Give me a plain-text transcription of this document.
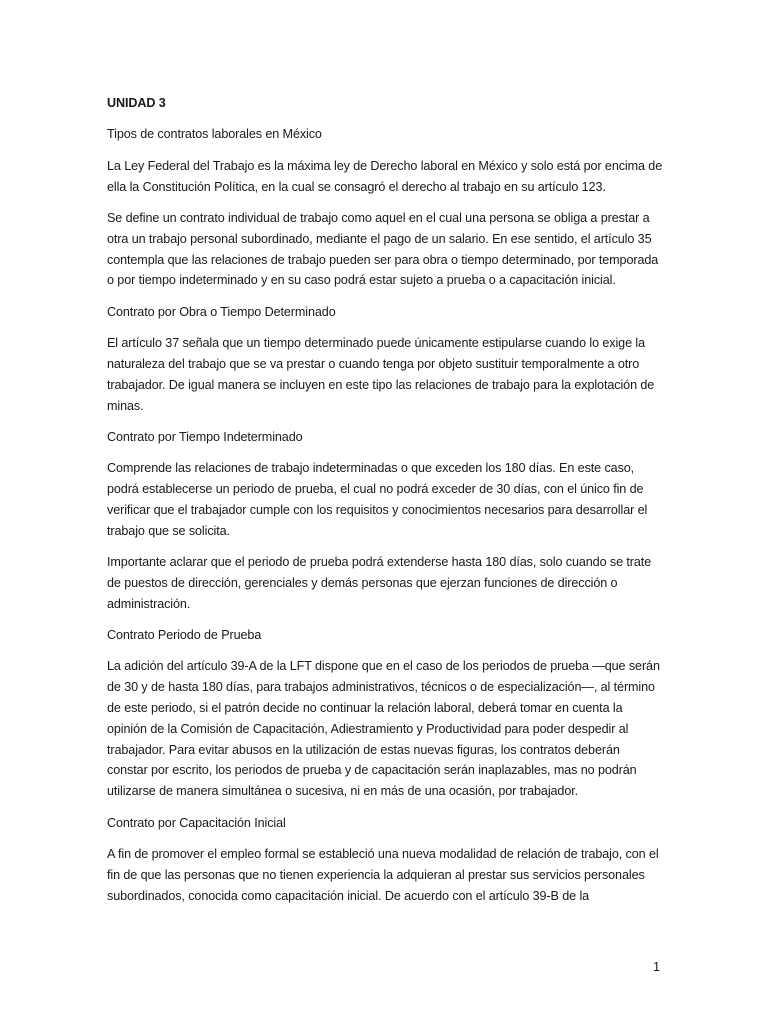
UNIDAD 3

Tipos de contratos laborales en México

La Ley Federal del Trabajo es la máxima ley de Derecho laboral en México y solo está por encima de ella la Constitución Política, en la cual se consagró el derecho al trabajo en su artículo 123.

Se define un contrato individual de trabajo como aquel en el cual una persona se obliga a prestar a otra un trabajo personal subordinado, mediante el pago de un salario. En ese sentido, el artículo 35 contempla que las relaciones de trabajo pueden ser para obra o tiempo determinado, por temporada o por tiempo indeterminado y en su caso podrá estar sujeto a prueba o a capacitación inicial.

Contrato por Obra o Tiempo Determinado

El artículo 37 señala que un tiempo determinado puede únicamente estipularse cuando lo exige la naturaleza del trabajo que se va prestar o cuando tenga por objeto sustituir temporalmente a otro trabajador. De igual manera se incluyen en este tipo las relaciones de trabajo para la explotación de minas.

Contrato por Tiempo Indeterminado

Comprende las relaciones de trabajo indeterminadas o que exceden los 180 días. En este caso, podrá establecerse un periodo de prueba, el cual no podrá exceder de 30 días, con el único fin de verificar que el trabajador cumple con los requisitos y conocimientos necesarios para desarrollar el trabajo que se solicita.

Importante aclarar que el periodo de prueba podrá extenderse hasta 180 días, solo cuando se trate de puestos de dirección, gerenciales y demás personas que ejerzan funciones de dirección o administración.

Contrato Periodo de Prueba

La adición del artículo 39-A de la LFT dispone que en el caso de los periodos de prueba —que serán de 30 y de hasta 180 días, para trabajos administrativos, técnicos o de especialización—, al término de este periodo, si el patrón decide no continuar la relación laboral, deberá tomar en cuenta la opinión de la Comisión de Capacitación, Adiestramiento y Productividad para poder despedir al trabajador. Para evitar abusos en la utilización de estas nuevas figuras, los contratos deberán constar por escrito, los periodos de prueba y de capacitación serán inaplazables, mas no podrán utilizarse de manera simultánea o sucesiva, ni en más de una ocasión, por trabajador.

Contrato por Capacitación Inicial

A fin de promover el empleo formal se estableció una nueva modalidad de relación de trabajo, con el fin de que las personas que no tienen experiencia la adquieran al prestar sus servicios personales subordinados, conocida como capacitación inicial. De acuerdo con el artículo 39-B de la

1
